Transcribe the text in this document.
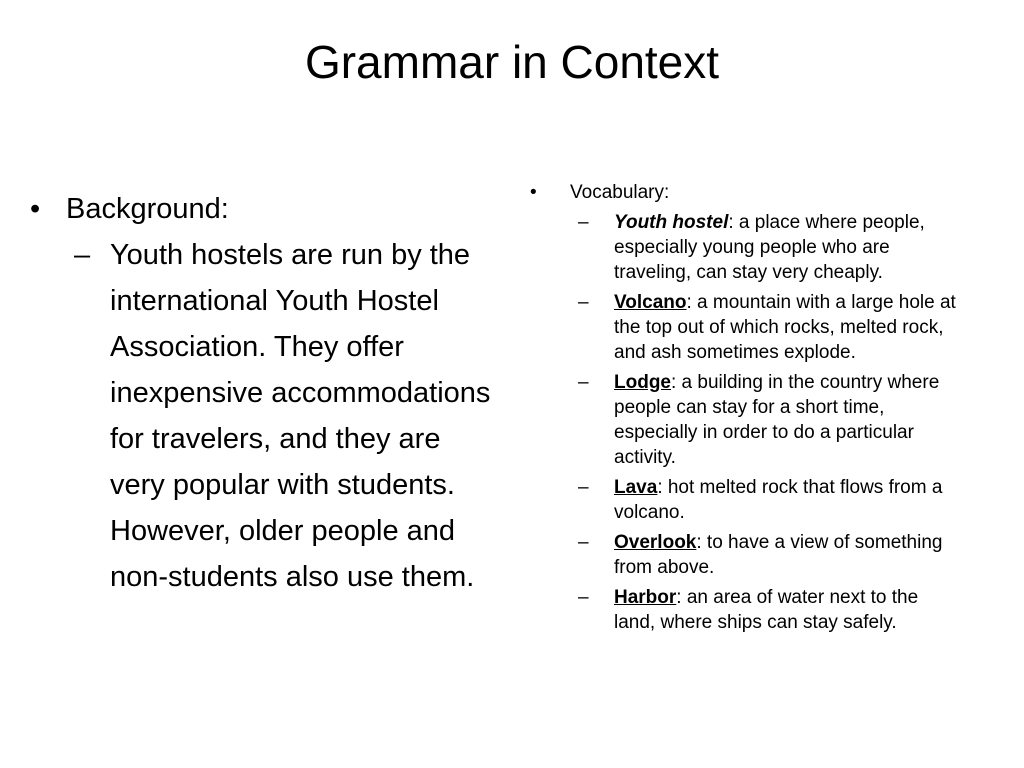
Grammar in Context
• Background:
– Youth hostels are run by the international Youth Hostel Association. They offer inexpensive accommodations for travelers, and they are very popular with students. However, older people and non-students also use them.
•	Vocabulary:
–	Youth hostel: a place where people, especially young people who are traveling, can stay very cheaply.
–	Volcano: a mountain with a large hole at the top out of which rocks, melted rock, and ash sometimes explode.
–	Lodge: a building in the country where people can stay for a short time, especially in order to do a particular activity.
–	Lava: hot melted rock that flows from a volcano.
–	Overlook: to have a view of something from above.
–	Harbor: an area of water next to the land, where ships can stay safely.
